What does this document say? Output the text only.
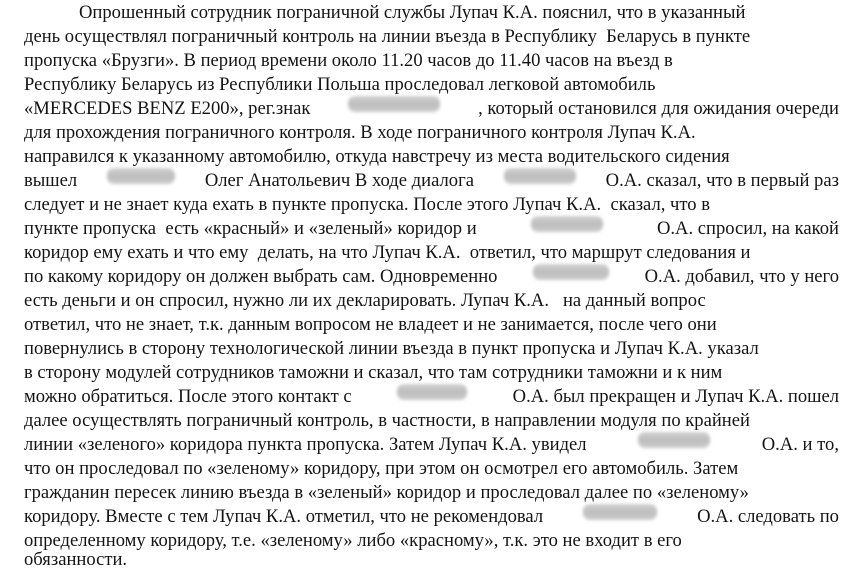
Опрошенный сотрудник пограничной службы Лупач К.А. пояснил, что в указанный
день осуществлял пограничный контроль на линии въезда в Республику  Беларусь в пункте
пропуска «Брузги». В период времени около 11.20 часов до 11.40 часов на въезд в
Республику Беларусь из Республики Польша проследовал легковой автомобиль
«MERCEDES BENZ E200», рег.знак	, который остановился для ожидания очереди
для прохождения пограничного контроля. В ходе пограничного контроля Лупач К.А.
направился к указанному автомобилю, откуда навстречу из места водительского сидения
вышел	Олег Анатольевич В ходе диалога	О.А. сказал, что в первый раз
следует и не знает куда ехать в пункте пропуска. После этого Лупач К.А.  сказал, что в
пункте пропуска  есть «красный» и «зеленый» коридор и	О.А. спросил, на какой
коридор ему ехать и что ему  делать, на что Лупач К.А.  ответил, что маршрут следования и
по какому коридору он должен выбрать сам. Одновременно	О.А. добавил, что у него
есть деньги и он спросил, нужно ли их декларировать. Лупач К.А.   на данный вопрос
ответил, что не знает, т.к. данным вопросом не владеет и не занимается, после чего они
повернулись в сторону технологической линии въезда в пункт пропуска и Лупач К.А. указал
в сторону модулей сотрудников таможни и сказал, что там сотрудники таможни и к ним
можно обратиться. После этого контакт с	О.А. был прекращен и Лупач К.А. пошел
далее осуществлять пограничный контроль, в частности, в направлении модуля по крайней
линии «зеленого» коридора пункта пропуска. Затем Лупач К.А. увидел	О.А. и то,
что он проследовал по «зеленому» коридору, при этом он осмотрел его автомобиль. Затем
гражданин пересек линию въезда в «зеленый» коридор и проследовал далее по «зеленому»
коридору. Вместе с тем Лупач К.А. отметил, что не рекомендовал	О.А. следовать по
определенному коридору, т.е. «зеленому» либо «красному», т.к. это не входит в его
обязанности.
